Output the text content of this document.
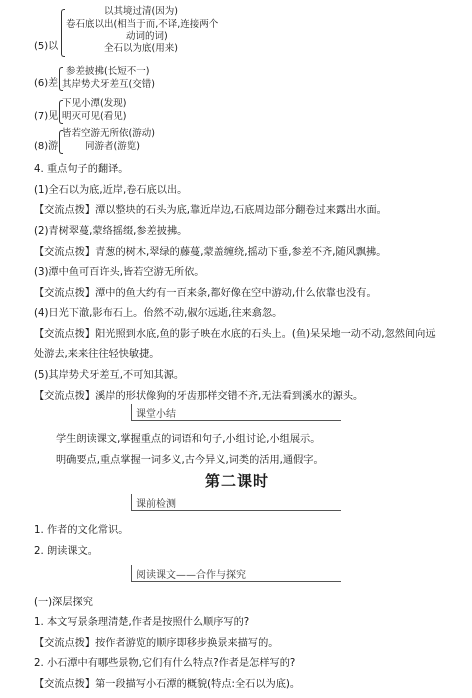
(5)以
以其境过清(因为)
卷石底以出(相当于而,不译,连接两个
动词的词)
全石以为底(用来)
(6)差
参差披拂(长短不一)
其岸势犬牙差互(交错)
(7)见
下见小潭(发现)
明灭可见(看见)
(8)游
皆若空游无所依(游动)
同游者(游览)
4. 重点句子的翻译。
(1)全石以为底,近岸,卷石底以出。
【交流点拨】潭以整块的石头为底,靠近岸边,石底周边部分翻卷过来露出水面。
(2)青树翠蔓,蒙络摇缀,参差披拂。
【交流点拨】青葱的树木,翠绿的藤蔓,蒙盖缠绕,摇动下垂,参差不齐,随风飘拂。
(3)潭中鱼可百许头,皆若空游无所依。
【交流点拨】潭中的鱼大约有一百来条,都好像在空中游动,什么依靠也没有。
(4)日光下澈,影布石上。佁然不动,俶尔远逝,往来翕忽。
【交流点拨】阳光照到水底,鱼的影子映在水底的石头上。(鱼)呆呆地一动不动,忽然间向远
处游去,来来往往轻快敏捷。
(5)其岸势犬牙差互,不可知其源。
【交流点拨】溪岸的形状像狗的牙齿那样交错不齐,无法看到溪水的源头。
课堂小结
学生朗读课文,掌握重点的词语和句子,小组讨论,小组展示。
明确要点,重点掌握一词多义,古今异义,词类的活用,通假字。
第二课时
课前检测
1. 作者的文化常识。
2. 朗读课文。
阅读课文——合作与探究
(一)深层探究
1. 本文写景条理清楚,作者是按照什么顺序写的?
【交流点拨】按作者游览的顺序即移步换景来描写的。
2. 小石潭中有哪些景物,它们有什么特点?作者是怎样写的?
【交流点拨】第一段描写小石潭的概貌(特点:全石以为底)。
